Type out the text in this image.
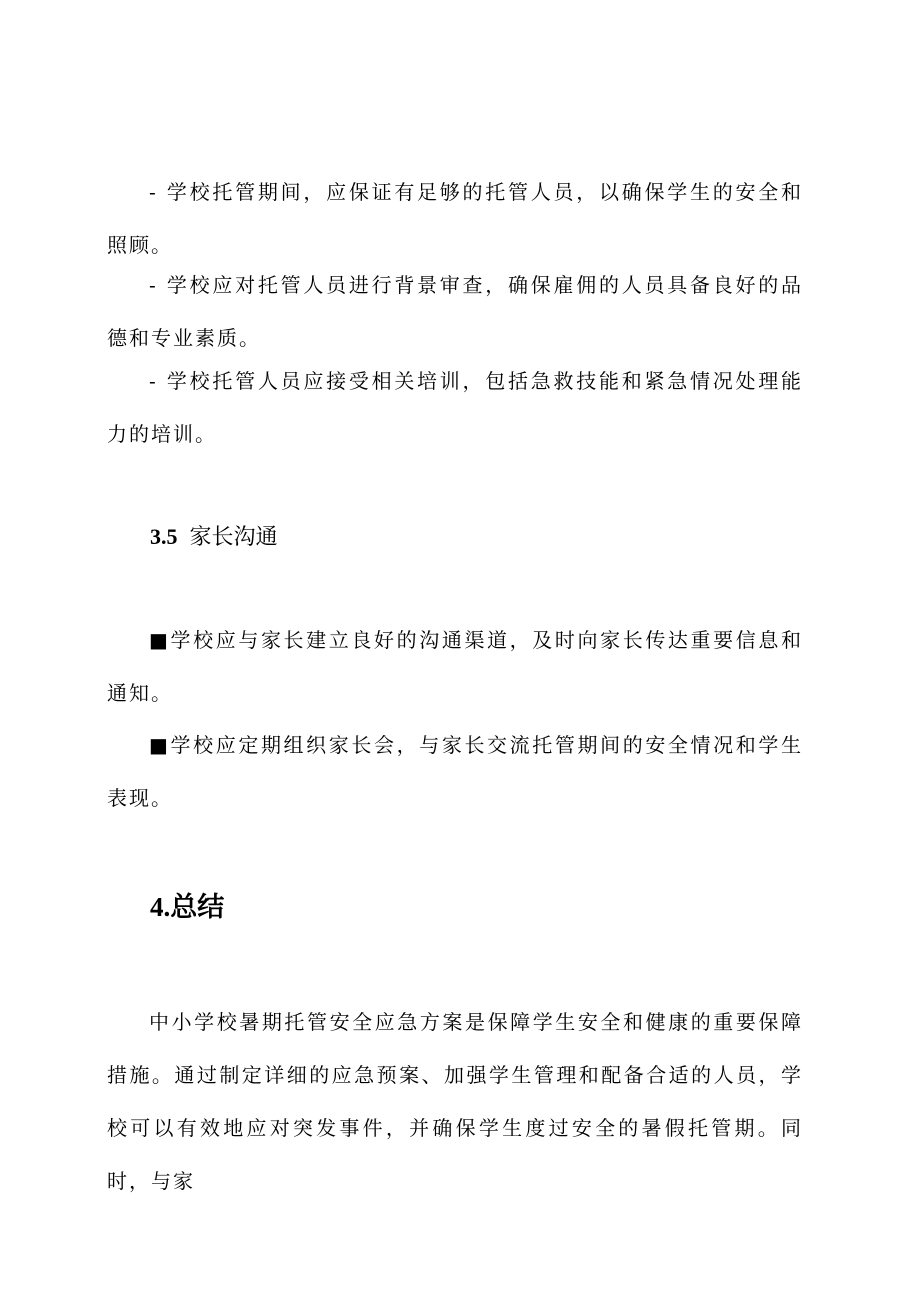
- 学校托管期间，应保证有足够的托管人员，以确保学生的安全和照顾。

- 学校应对托管人员进行背景审查，确保雇佣的人员具备良好的品德和专业素质。

- 学校托管人员应接受相关培训，包括急救技能和紧急情况处理能力的培训。

3.5 家长沟通

■学校应与家长建立良好的沟通渠道，及时向家长传达重要信息和通知。

■学校应定期组织家长会，与家长交流托管期间的安全情况和学生表现。

4.总结

中小学校暑期托管安全应急方案是保障学生安全和健康的重要保障措施。通过制定详细的应急预案、加强学生管理和配备合适的人员，学校可以有效地应对突发事件，并确保学生度过安全的暑假托管期。同时，与家
